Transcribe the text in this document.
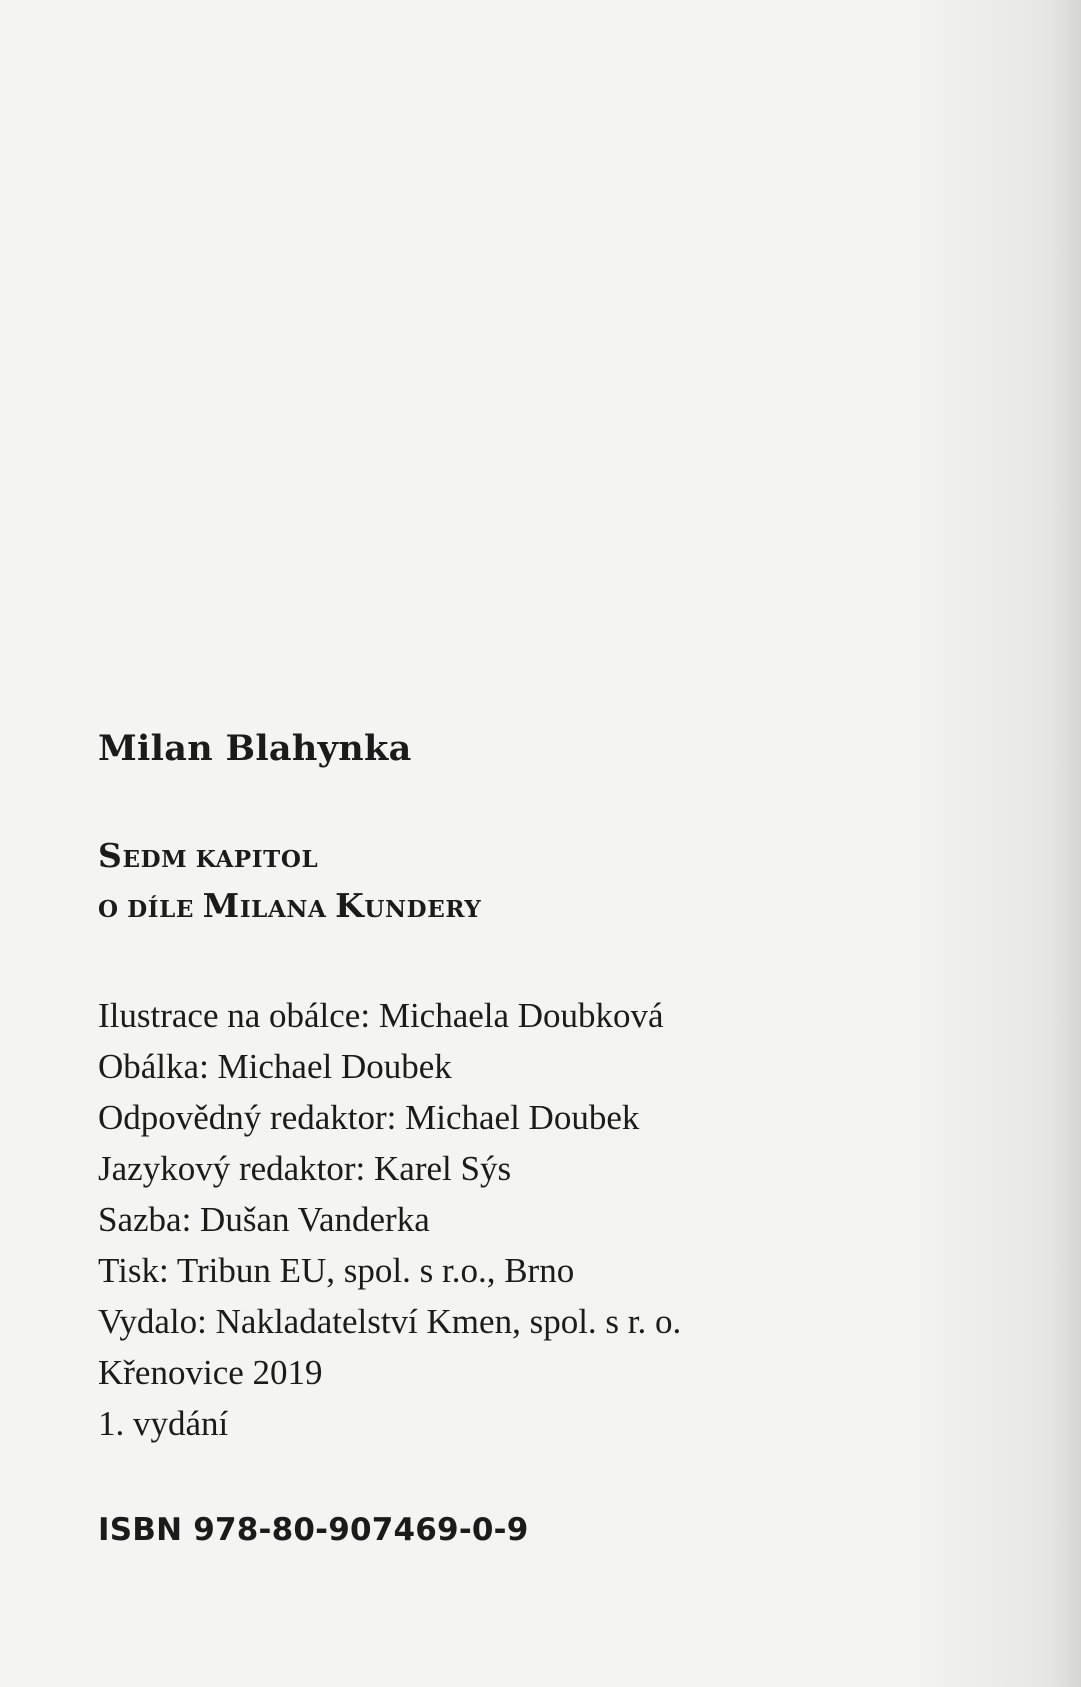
Milan Blahynka
SEDM KAPITOL
O DÍLE MILANA KUNDERY
Ilustrace na obálce: Michaela Doubková
Obálka: Michael Doubek
Odpovědný redaktor: Michael Doubek
Jazykový redaktor: Karel Sýs
Sazba: Dušan Vanderka
Tisk: Tribun EU, spol. s r.o., Brno
Vydalo: Nakladatelství Kmen, spol. s r. o.
Křenovice 2019
1. vydání
ISBN 978-80-907469-0-9
